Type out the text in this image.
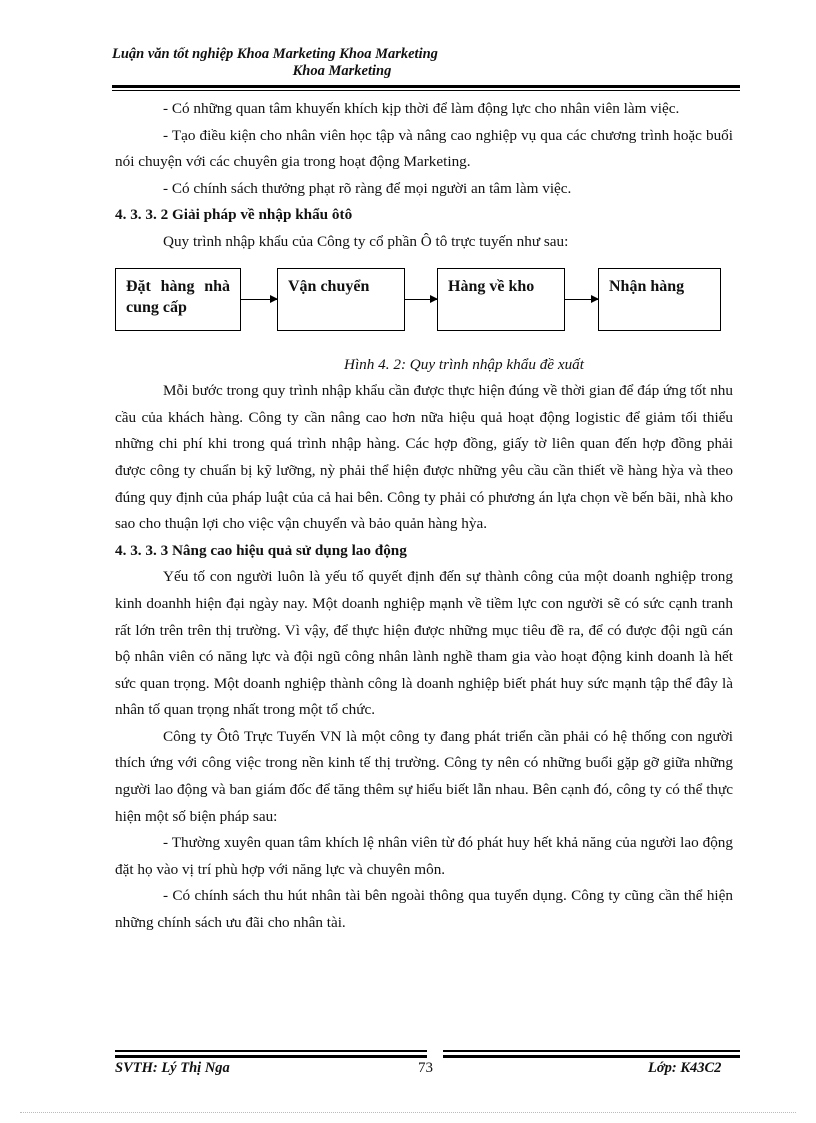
Luận văn tốt nghiệp Khoa Marketing Khoa Marketing

Khoa Marketing

- Có những quan tâm khuyến khích kịp thời để làm động lực cho nhân viên làm việc.

- Tạo điều kiện cho nhân viên học tập và nâng cao nghiệp vụ qua các chương trình hoặc buổi nói chuyện với các chuyên gia trong hoạt động Marketing.

- Có chính sách thưởng phạt rõ ràng để mọi người an tâm làm việc.

4. 3. 3. 2 Giải pháp về nhập khẩu ôtô

Quy trình nhập khẩu của Công ty cổ phần Ô tô trực tuyến như sau:

Đặt hàng nhà cung cấp
Vận chuyển	Hàng về kho	Nhận hàng

Hình 4. 2: Quy trình nhập khẩu đề xuất

Mỗi bước trong quy trình nhập khẩu cần được thực hiện đúng về thời gian để đáp ứng tốt nhu cầu của khách hàng. Công ty cần nâng cao hơn nữa hiệu quả hoạt động logistic để giảm tối thiểu những chi phí khi trong quá trình nhập hàng. Các hợp đồng, giấy tờ liên quan đến hợp đồng phải được công ty chuẩn bị kỹ lưỡng, nỳ phải thể hiện được những yêu cầu cần thiết về hàng hỳa và theo đúng quy định của pháp luật của cả hai bên. Công ty phải có phương án lựa chọn về bến bãi, nhà kho sao cho thuận lợi cho việc vận chuyển và bảo quản hàng hỳa.

4. 3. 3. 3 Nâng cao hiệu quả sử dụng lao động

Yếu tố con người luôn là yếu tố quyết định đến sự thành công của một doanh nghiệp trong kinh doanhh hiện đại ngày nay. Một doanh nghiệp mạnh về tiềm lực con người sẽ có sức cạnh tranh rất lớn trên trên thị trường. Vì vậy, để thực hiện được những mục tiêu đề ra, để có được đội ngũ cán bộ nhân viên có năng lực và đội ngũ công nhân lành nghề tham gia vào hoạt động kinh doanh là hết sức quan trọng. Một doanh nghiệp thành công là doanh nghiệp biết phát huy sức mạnh tập thể đây là nhân tố quan trọng nhất trong một tổ chức.

Công ty Ôtô Trực Tuyến VN là một công ty đang phát triển cần phải có hệ thống con người thích ứng với công việc trong nền kinh tế thị trường. Công ty nên có những buổi gặp gỡ giữa những người lao động và ban giám đốc để tăng thêm sự hiểu biết lẫn nhau. Bên cạnh đó, công ty có thể thực hiện một số biện pháp sau:

- Thường xuyên quan tâm khích lệ nhân viên từ đó phát huy hết khả năng của người lao động đặt họ vào vị trí phù hợp với năng lực và chuyên môn.

- Có chính sách thu hút nhân tài bên ngoài thông qua tuyển dụng. Công ty cũng cần thể hiện những chính sách ưu đãi cho nhân tài.

SVTH: Lý Thị Nga	73	Lớp: K43C2
